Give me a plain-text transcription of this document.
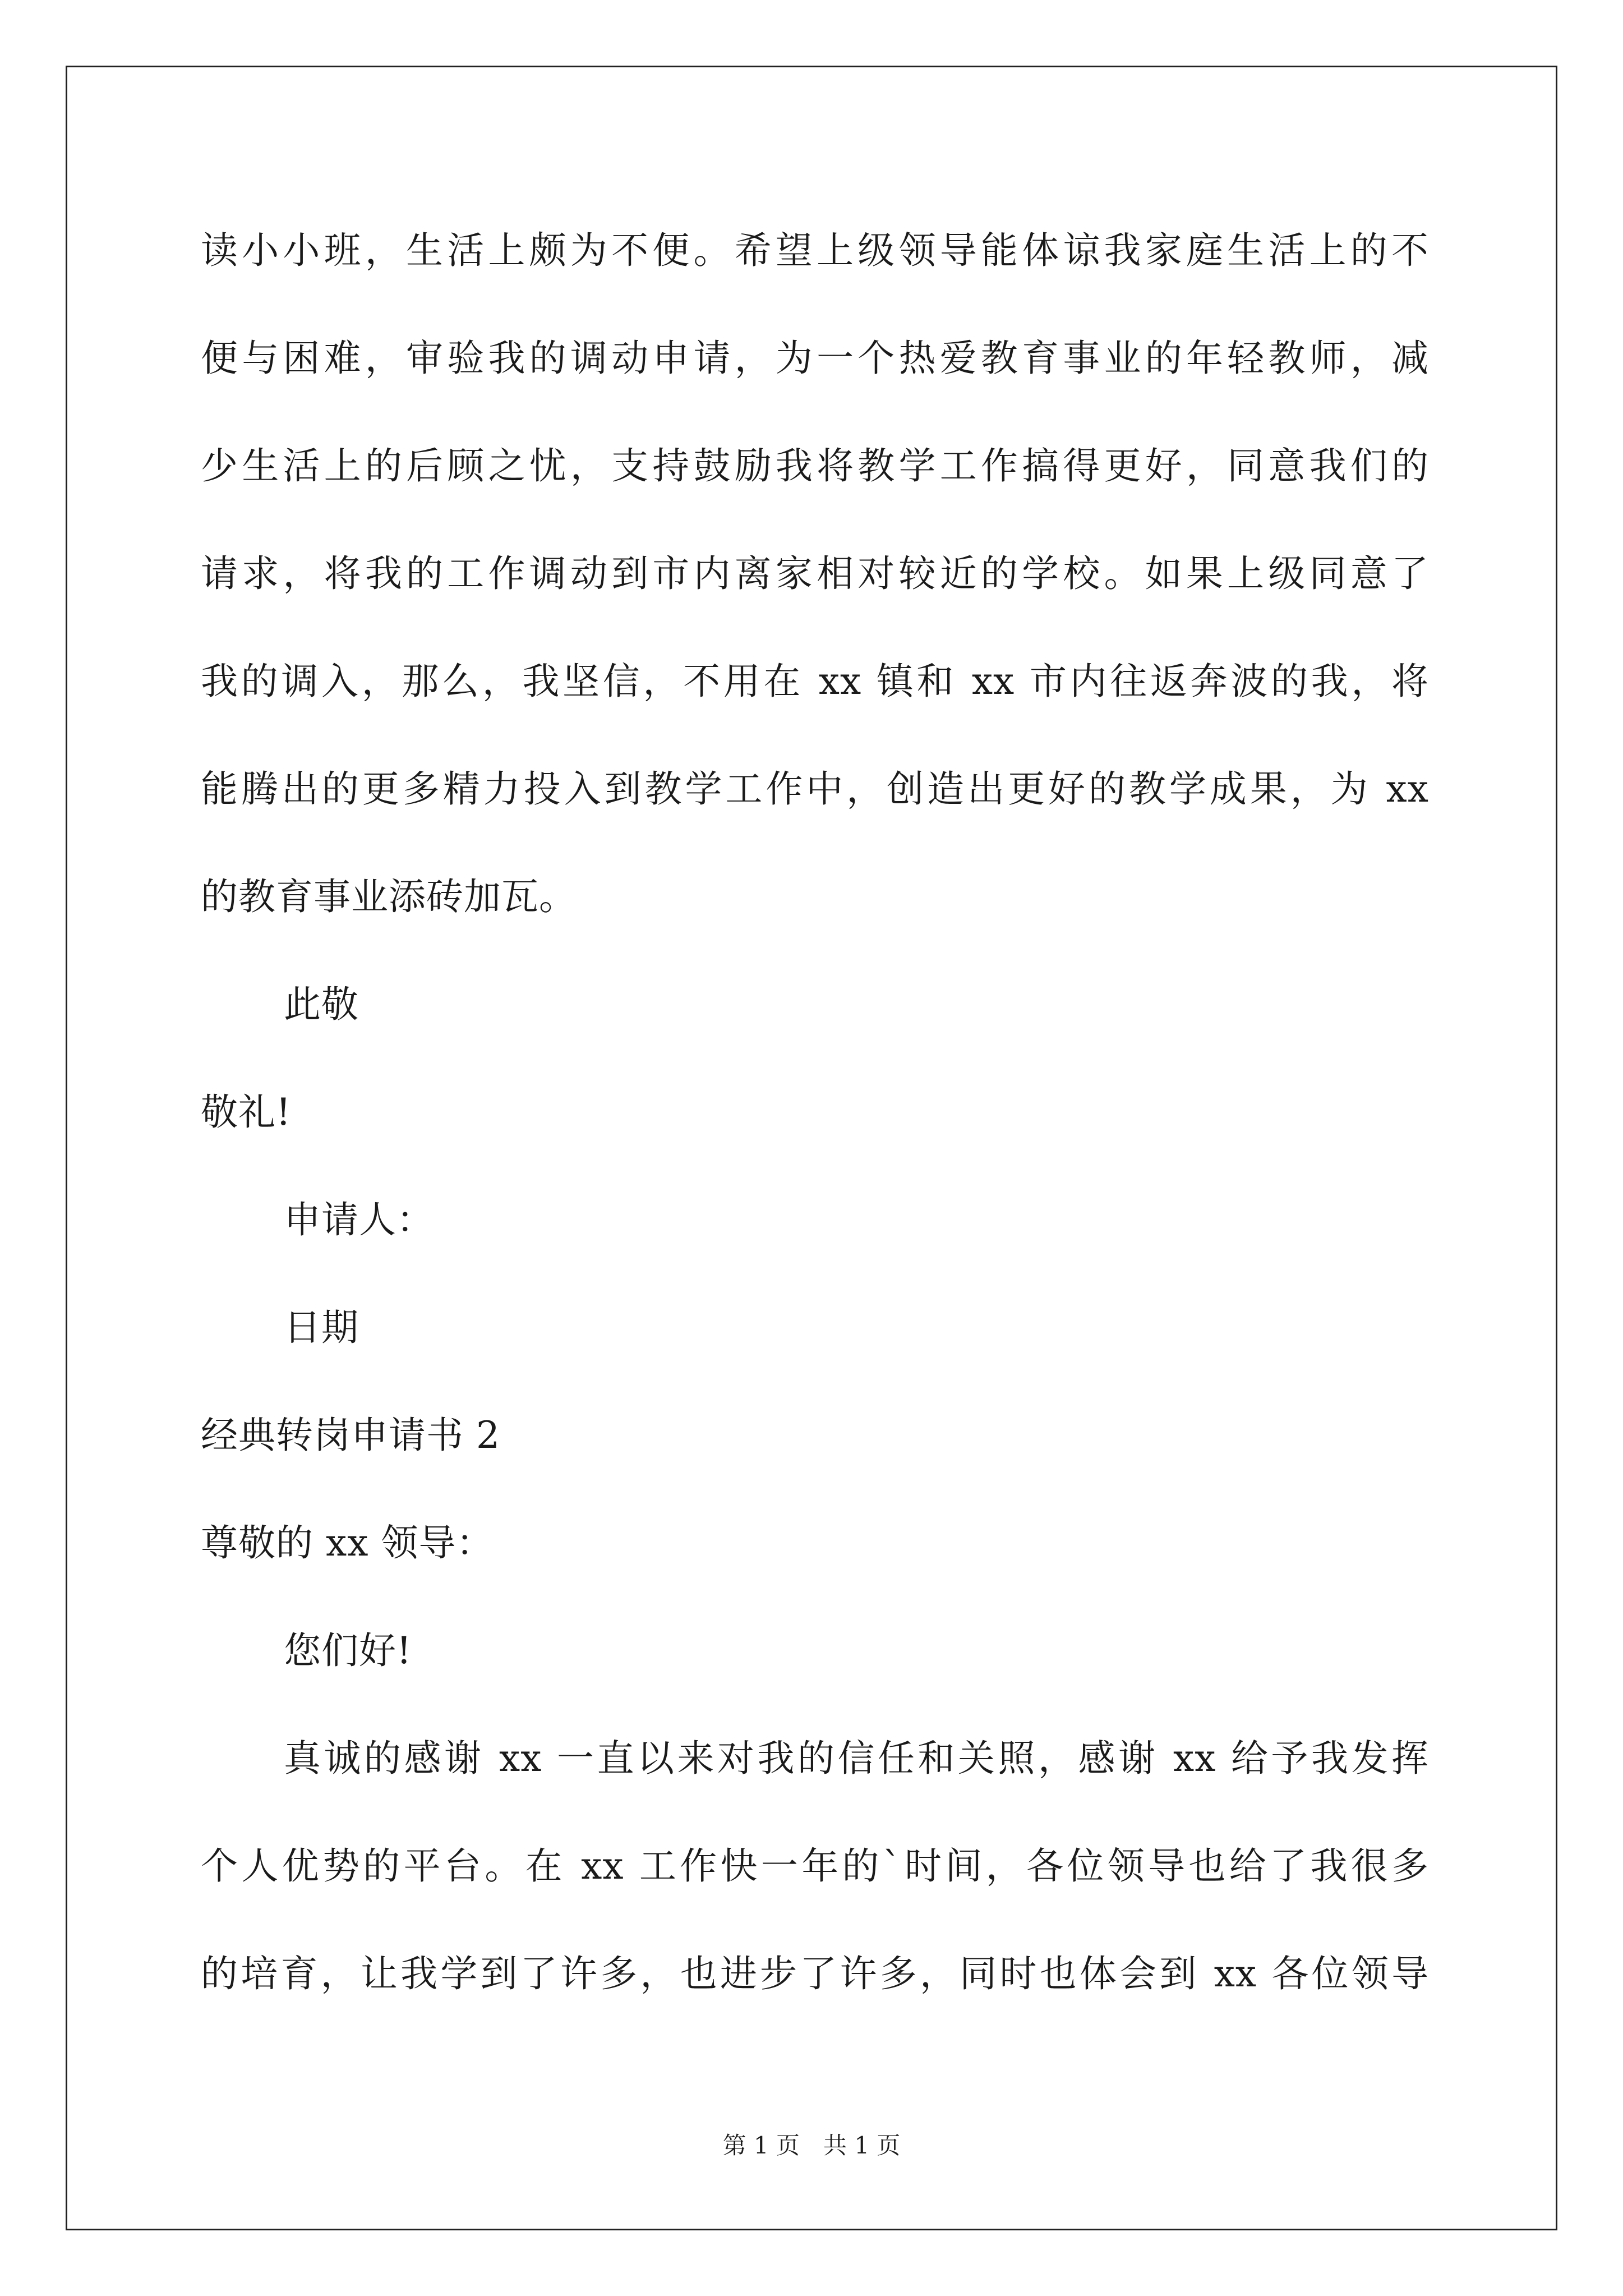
读小小班，生活上颇为不便。希望上级领导能体谅我家庭生活上的不
便与困难，审验我的调动申请，为一个热爱教育事业的年轻教师，减
少生活上的后顾之忧，支持鼓励我将教学工作搞得更好，同意我们的
请求，将我的工作调动到市内离家相对较近的学校。如果上级同意了
我的调入，那么，我坚信，不用在 xx 镇和 xx 市内往返奔波的我，将
能腾出的更多精力投入到教学工作中，创造出更好的教学成果，为 xx
的教育事业添砖加瓦。
此敬
敬礼!
申请人：
日期
经典转岗申请书 2
尊敬的 xx 领导：
您们好!
真诚的感谢 xx 一直以来对我的信任和关照，感谢 xx 给予我发挥
个人优势的平台。在 xx 工作快一年的`时间，各位领导也给了我很多
的培育，让我学到了许多，也进步了许多，同时也体会到 xx 各位领导
第 1 页　共 1 页
